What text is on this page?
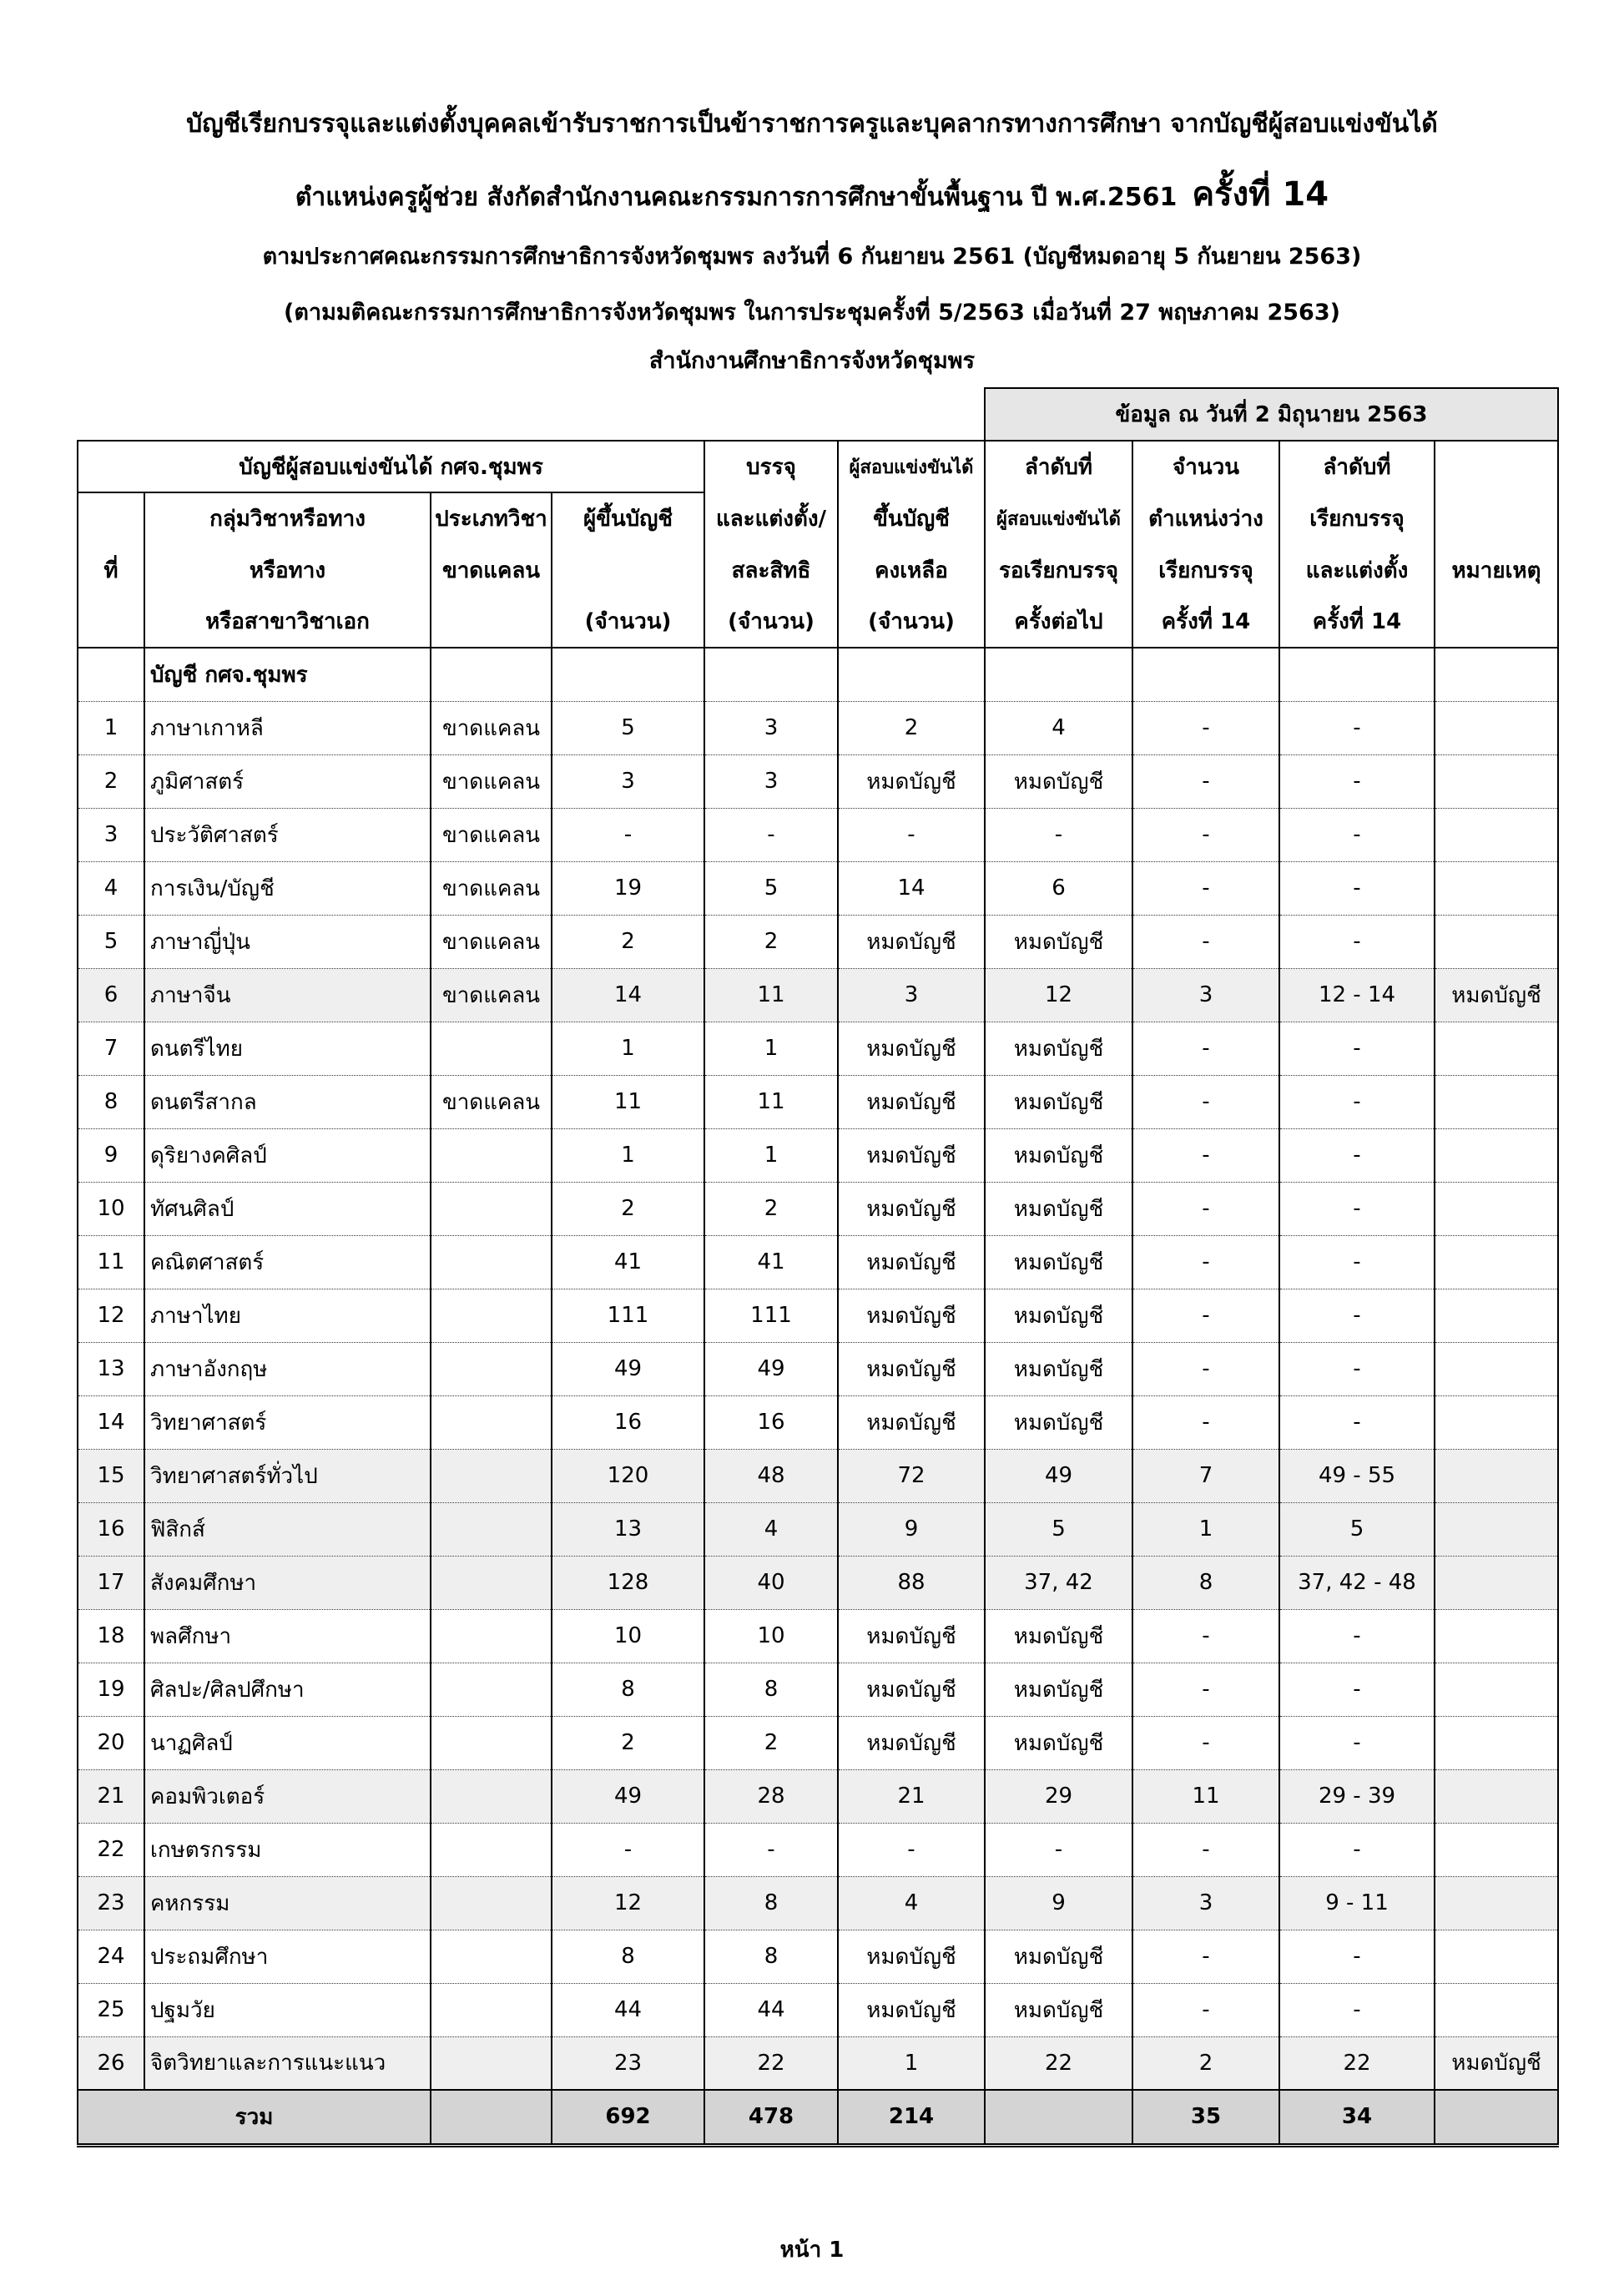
บัญชีเรียกบรรจุและแต่งตั้งบุคคลเข้ารับราชการเป็นข้าราชการครูและบุคลากรทางการศึกษา จากบัญชีผู้สอบแข่งขันได้
ตำแหน่งครูผู้ช่วย สังกัดสำนักงานคณะกรรมการการศึกษาขั้นพื้นฐาน ปี พ.ศ.2561 ครั้งที่ 14
ตามประกาศคณะกรรมการศึกษาธิการจังหวัดชุมพร ลงวันที่ 6 กันยายน 2561 (บัญชีหมดอายุ 5 กันยายน 2563)
(ตามมติคณะกรรมการศึกษาธิการจังหวัดชุมพร ในการประชุมครั้งที่ 5/2563 เมื่อวันที่ 27 พฤษภาคม 2563)
สำนักงานศึกษาธิการจังหวัดชุมพร
						ข้อมูล ณ วันที่ 2 มิถุนายน 2563			
บัญชีผู้สอบแข่งขันได้ กศจ.ชุมพร				บรรจุ	ผู้สอบแข่งขันได้	ลำดับที่	จำนวน	ลำดับที่	
	กลุ่มวิชาหรือทาง	ประเภทวิชา	ผู้ขึ้นบัญชี	และแต่งตั้ง/	ขึ้นบัญชี	ผู้สอบแข่งขันได้	ตำแหน่งว่าง	เรียกบรรจุ	
ที่	หรือทาง	ขาดแคลน		สละสิทธิ	คงเหลือ	รอเรียกบรรจุ	เรียกบรรจุ	และแต่งตั้ง	หมายเหตุ
	หรือสาขาวิชาเอก		(จำนวน)	(จำนวน)	(จำนวน)	ครั้งต่อไป	ครั้งที่ 14	ครั้งที่ 14	
	บัญชี กศจ.ชุมพร								
1	ภาษาเกาหลี	ขาดแคลน	5	3	2	4	-	-	
2	ภูมิศาสตร์	ขาดแคลน	3	3	หมดบัญชี	หมดบัญชี	-	-	
3	ประวัติศาสตร์	ขาดแคลน	-	-	-	-	-	-	
4	การเงิน/บัญชี	ขาดแคลน	19	5	14	6	-	-	
5	ภาษาญี่ปุ่น	ขาดแคลน	2	2	หมดบัญชี	หมดบัญชี	-	-	
6	ภาษาจีน	ขาดแคลน	14	11	3	12	3	12 - 14	หมดบัญชี
7	ดนตรีไทย		1	1	หมดบัญชี	หมดบัญชี	-	-	
8	ดนตรีสากล	ขาดแคลน	11	11	หมดบัญชี	หมดบัญชี	-	-	
9	ดุริยางคศิลป์		1	1	หมดบัญชี	หมดบัญชี	-	-	
10	ทัศนศิลป์		2	2	หมดบัญชี	หมดบัญชี	-	-	
11	คณิตศาสตร์		41	41	หมดบัญชี	หมดบัญชี	-	-	
12	ภาษาไทย		111	111	หมดบัญชี	หมดบัญชี	-	-	
13	ภาษาอังกฤษ		49	49	หมดบัญชี	หมดบัญชี	-	-	
14	วิทยาศาสตร์		16	16	หมดบัญชี	หมดบัญชี	-	-	
15	วิทยาศาสตร์ทั่วไป		120	48	72	49	7	49 - 55	
16	ฟิสิกส์		13	4	9	5	1	5	
17	สังคมศึกษา		128	40	88	37, 42	8	37, 42 - 48	
18	พลศึกษา		10	10	หมดบัญชี	หมดบัญชี	-	-	
19	ศิลปะ/ศิลปศึกษา		8	8	หมดบัญชี	หมดบัญชี	-	-	
20	นาฏศิลป์		2	2	หมดบัญชี	หมดบัญชี	-	-	
21	คอมพิวเตอร์		49	28	21	29	11	29 - 39	
22	เกษตรกรรม		-	-	-	-	-	-	
23	คหกรรม		12	8	4	9	3	9 - 11	
24	ประถมศึกษา		8	8	หมดบัญชี	หมดบัญชี	-	-	
25	ปฐมวัย		44	44	หมดบัญชี	หมดบัญชี	-	-	
26	จิตวิทยาและการแนะแนว		23	22	1	22	2	22	หมดบัญชี
รวม			692	478	214		35	34	
หน้า 1
